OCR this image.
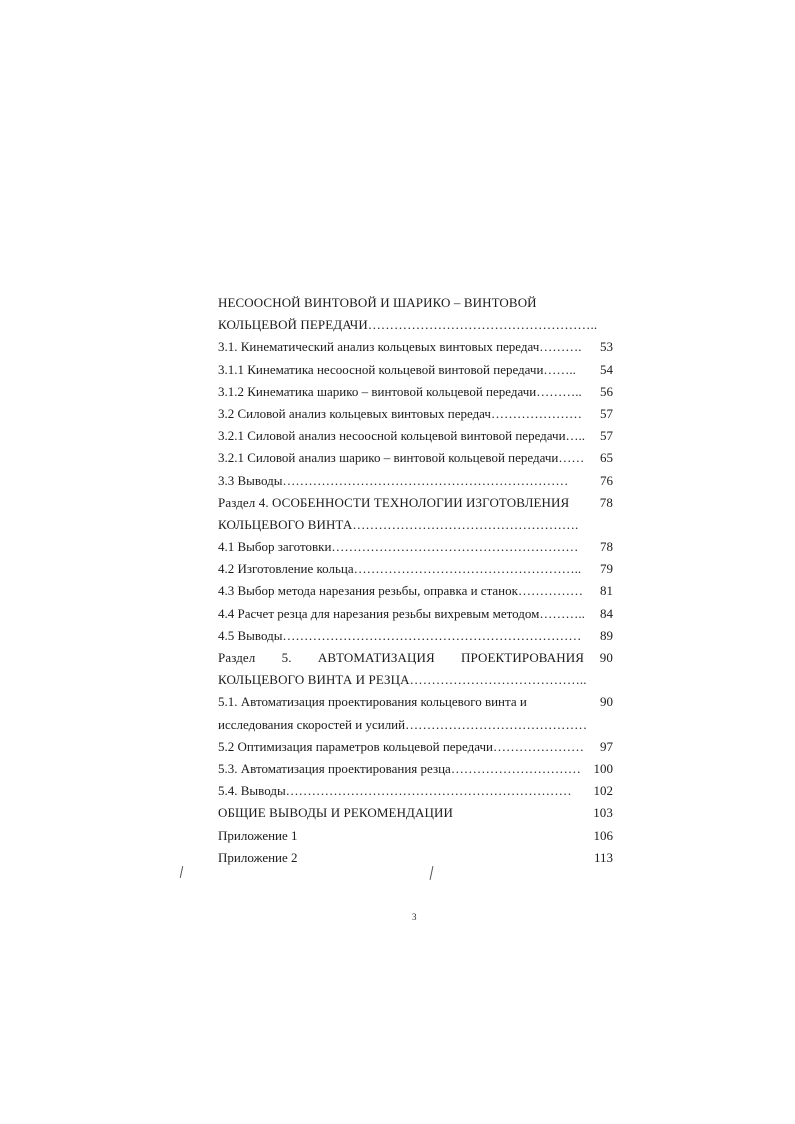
НЕСООСНОЙ ВИНТОВОЙ И ШАРИКО – ВИНТОВОЙ
КОЛЬЦЕВОЙ ПЕРЕДАЧИ……………………………………………..
3.1. Кинематический анализ кольцевых винтовых передач………. 53
3.1.1 Кинематика несоосной кольцевой винтовой передачи…….. 54
3.1.2 Кинематика шарико – винтовой кольцевой передачи……….. 56
3.2 Силовой анализ кольцевых винтовых передач………………… 57
3.2.1 Силовой анализ несоосной кольцевой винтовой передачи….. 57
3.2.1 Силовой анализ шарико – винтовой кольцевой передачи…… 65
3.3 Выводы………………………………………………………… 76
Раздел 4. ОСОБЕННОСТИ ТЕХНОЛОГИИ ИЗГОТОВЛЕНИЯ 78
КОЛЬЦЕВОГО ВИНТА…………………………………………….
4.1 Выбор заготовки………………………………………………… 78
4.2 Изготовление кольца…………………………………………….. 79
4.3 Выбор метода нарезания резьбы, оправка и станок…………… 81
4.4 Расчет резца для нарезания резьбы вихревым методом……….. 84
4.5 Выводы…………………………………………………………… 89
Раздел 5. АВТОМАТИЗАЦИЯ ПРОЕКТИРОВАНИЯ 90
КОЛЬЦЕВОГО ВИНТА И РЕЗЦА…………………………………..
5.1. Автоматизация проектирования кольцевого винта и	90
исследования скоростей и усилий……………………………………
5.2 Оптимизация параметров кольцевой передачи………………… 97
5.3. Автоматизация проектирования резца………………………… 100
5.4. Выводы………………………………………………………… 102
ОБЩИЕ ВЫВОДЫ И РЕКОМЕНДАЦИИ	103
Приложение 1	106
Приложение 2	113
3
